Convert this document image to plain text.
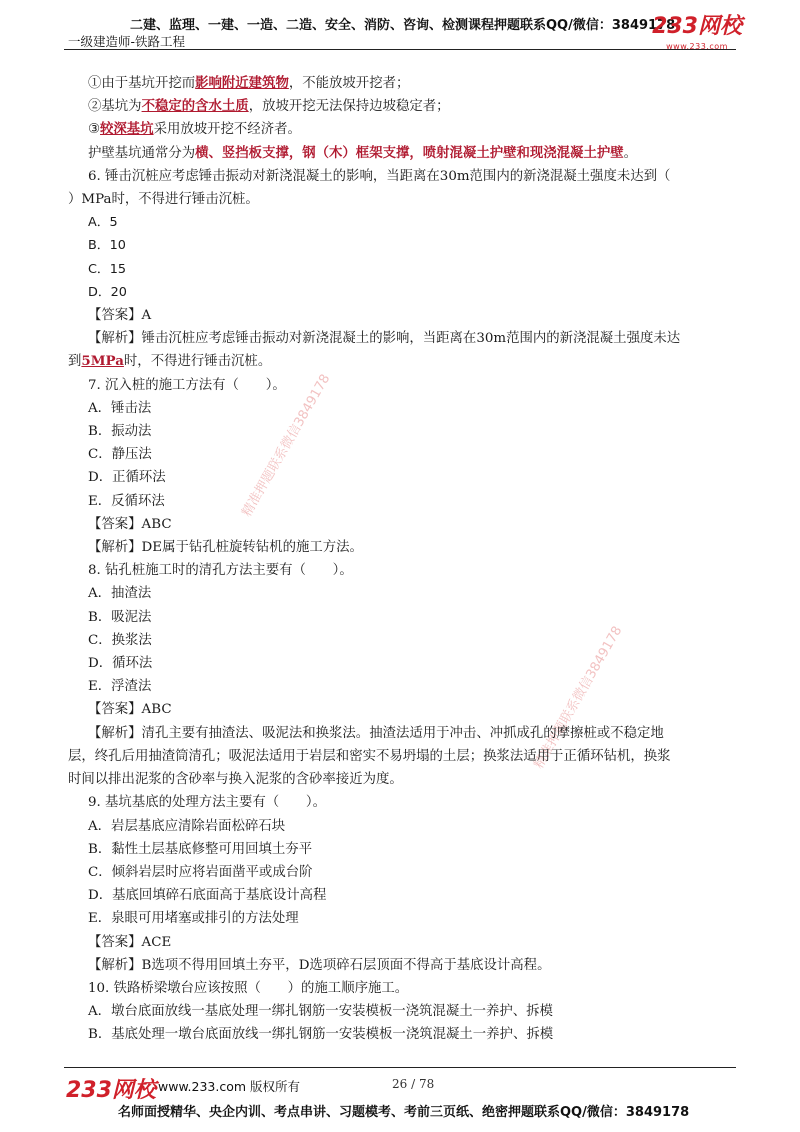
二建、监理、一建、一造、二造、安全、消防、咨询、检测课程押题联系QQ/微信：3849178
一级建造师-铁路工程
233网校
www.233.com
精准押题联系微信3849178
精准押题联系微信3849178

①由于基坑开挖而影响附近建筑物，不能放坡开挖者；

②基坑为不稳定的含水土质，放坡开挖无法保持边坡稳定者；

③较深基坑采用放坡开挖不经济者。

护壁基坑通常分为横、竖挡板支撑，钢（木）框架支撑，喷射混凝土护壁和现浇混凝土护壁。

6. 锤击沉桩应考虑锤击振动对新浇混凝土的影响，当距离在30m范围内的新浇混凝土强度未达到（

）MPa时，不得进行锤击沉桩。

A．5

B．10

C．15

D．20

【答案】A

【解析】锤击沉桩应考虑锤击振动对新浇混凝土的影响，当距离在30m范围内的新浇混凝土强度未达

到5MPa时，不得进行锤击沉桩。

7. 沉入桩的施工方法有（　　）。

A．锤击法

B．振动法

C．静压法

D．正循环法

E．反循环法

【答案】ABC

【解析】DE属于钻孔桩旋转钻机的施工方法。

8. 钻孔桩施工时的清孔方法主要有（　　）。

A．抽渣法

B．吸泥法

C．换浆法

D．循环法

E．浮渣法

【答案】ABC

【解析】清孔主要有抽渣法、吸泥法和换浆法。抽渣法适用于冲击、冲抓成孔的摩擦桩或不稳定地

层，终孔后用抽渣筒清孔；吸泥法适用于岩层和密实不易坍塌的土层；换浆法适用于正循环钻机，换浆

时间以排出泥浆的含砂率与换入泥浆的含砂率接近为度。

9. 基坑基底的处理方法主要有（　　）。

A．岩层基底应清除岩面松碎石块

B．黏性土层基底修整可用回填土夯平

C．倾斜岩层时应将岩面凿平或成台阶

D．基底回填碎石底面高于基底设计高程

E．泉眼可用堵塞或排引的方法处理

【答案】ACE

【解析】B选项不得用回填土夯平，D选项碎石层顶面不得高于基底设计高程。

10. 铁路桥梁墩台应该按照（　　）的施工顺序施工。

A．墩台底面放线一基底处理一绑扎钢筋一安装模板一浇筑混凝土一养护、拆模

B．基底处理一墩台底面放线一绑扎钢筋一安装模板一浇筑混凝土一养护、拆模

233网校 www.233.com 版权所有	26 / 78
名师面授精华、央企内训、考点串讲、习题模考、考前三页纸、绝密押题联系QQ/微信：3849178
